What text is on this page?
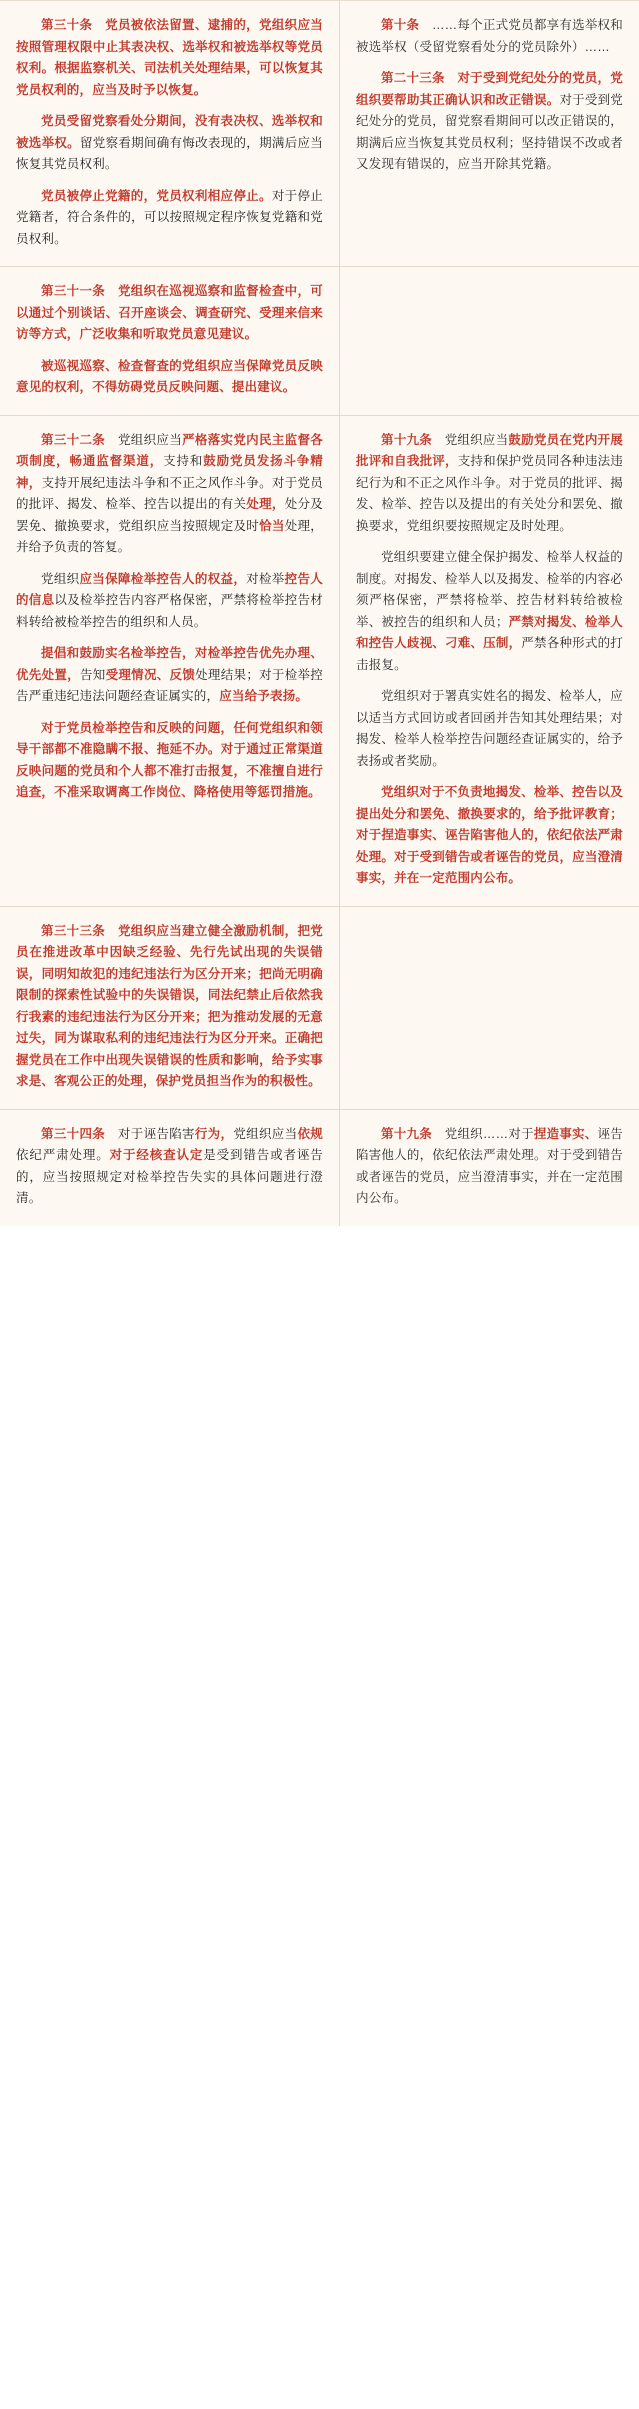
第三十条　 党员被依法留置、逮捕的，党组织应当按照管理权限中止其表决权、选举权和被选举权等党员权利。根据监察机关、司法机关处理结果，可以恢复其党员权利的，应当及时予以恢复。

党员受留党察看处分期间，没有表决权、选举权和被选举权。留党察看期间确有悔改表现的，期满后应当恢复其党员权利。

党员被停止党籍的，党员权利相应停止。对于停止党籍者，符合条件的，可以按照规定程序恢复党籍和党员权利。

第十条　……每个正式党员都享有选举权和被选举权（受留党察看处分的党员除外）……

第二十三条　 对于受到党纪处分的党员，党组织要帮助其正确认识和改正错误。对于受到党纪处分的党员，留党察看期间可以改正错误的，期满后应当恢复其党员权利；坚持错误不改或者又发现有错误的，应当开除其党籍。

第三十一条　 党组织在巡视巡察和监督检查中，可以通过个别谈话、召开座谈会、调查研究、受理来信来访等方式，广泛收集和听取党员意见建议。

被巡视巡察、检查督查的党组织应当保障党员反映意见的权利，不得妨碍党员反映问题、提出建议。

第三十二条　党组织应当严格落实党内民主监督各项制度，畅通监督渠道，支持和鼓励党员发扬斗争精神，支持开展纪违法斗争和不正之风作斗争。对于党员的批评、揭发、检举、控告以提出的有关处理，处分及罢免、撤换要求，党组织应当按照规定及时恰当处理，并给予负责的答复。

党组织应当保障检举控告人的权益，对检举控告人的信息以及检举控告内容严格保密，严禁将检举控告材料转给被检举控告的组织和人员。

提倡和鼓励实名检举控告，对检举控告优先办理、优先处置，告知受理情况、反馈处理结果；对于检举控告严重违纪违法问题经查证属实的，应当给予表扬。

对于党员检举控告和反映的问题，任何党组织和领导干部都不准隐瞒不报、拖延不办。对于通过正常渠道反映问题的党员和个人都不准打击报复，不准擅自进行追查，不准采取调离工作岗位、降格使用等惩罚措施。

第十九条　党组织应当鼓励党员在党内开展批评和自我批评，支持和保护党员同各种违法违纪行为和不正之风作斗争。对于党员的批评、揭发、检举、控告以及提出的有关处分和罢免、撤换要求，党组织要按照规定及时处理。

党组织要建立健全保护揭发、检举人权益的制度。对揭发、检举人以及揭发、检举的内容必须严格保密，严禁将检举、控告材料转给被检举、被控告的组织和人员；严禁对揭发、检举人和控告人歧视、刁难、压制，严禁各种形式的打击报复。

党组织对于署真实姓名的揭发、检举人，应以适当方式回访或者回函并告知其处理结果；对揭发、检举人检举控告问题经查证属实的，给予表扬或者奖励。

党组织对于不负责地揭发、检举、控告以及提出处分和罢免、撤换要求的，给予批评教育；对于捏造事实、诬告陷害他人的，依纪依法严肃处理。对于受到错告或者诬告的党员，应当澄清事实，并在一定范围内公布。

第三十三条　 党组织应当建立健全激励机制，把党员在推进改革中因缺乏经验、先行先试出现的失误错误，同明知故犯的违纪违法行为区分开来；把尚无明确限制的探索性试验中的失误错误，同法纪禁止后依然我行我素的违纪违法行为区分开来；把为推动发展的无意过失，同为谋取私利的违纪违法行为区分开来。正确把握党员在工作中出现失误错误的性质和影响，给予实事求是、客观公正的处理，保护党员担当作为的积极性。

第三十四条　对于诬告陷害行为，党组织应当依规依纪严肃处理。对于经核查认定是受到错告或者诬告的，应当按照规定对检举控告失实的具体问题进行澄清。

第十九条　党组织……对于捏造事实、诬告陷害他人的，依纪依法严肃处理。对于受到错告或者诬告的党员，应当澄清事实，并在一定范围内公布。
